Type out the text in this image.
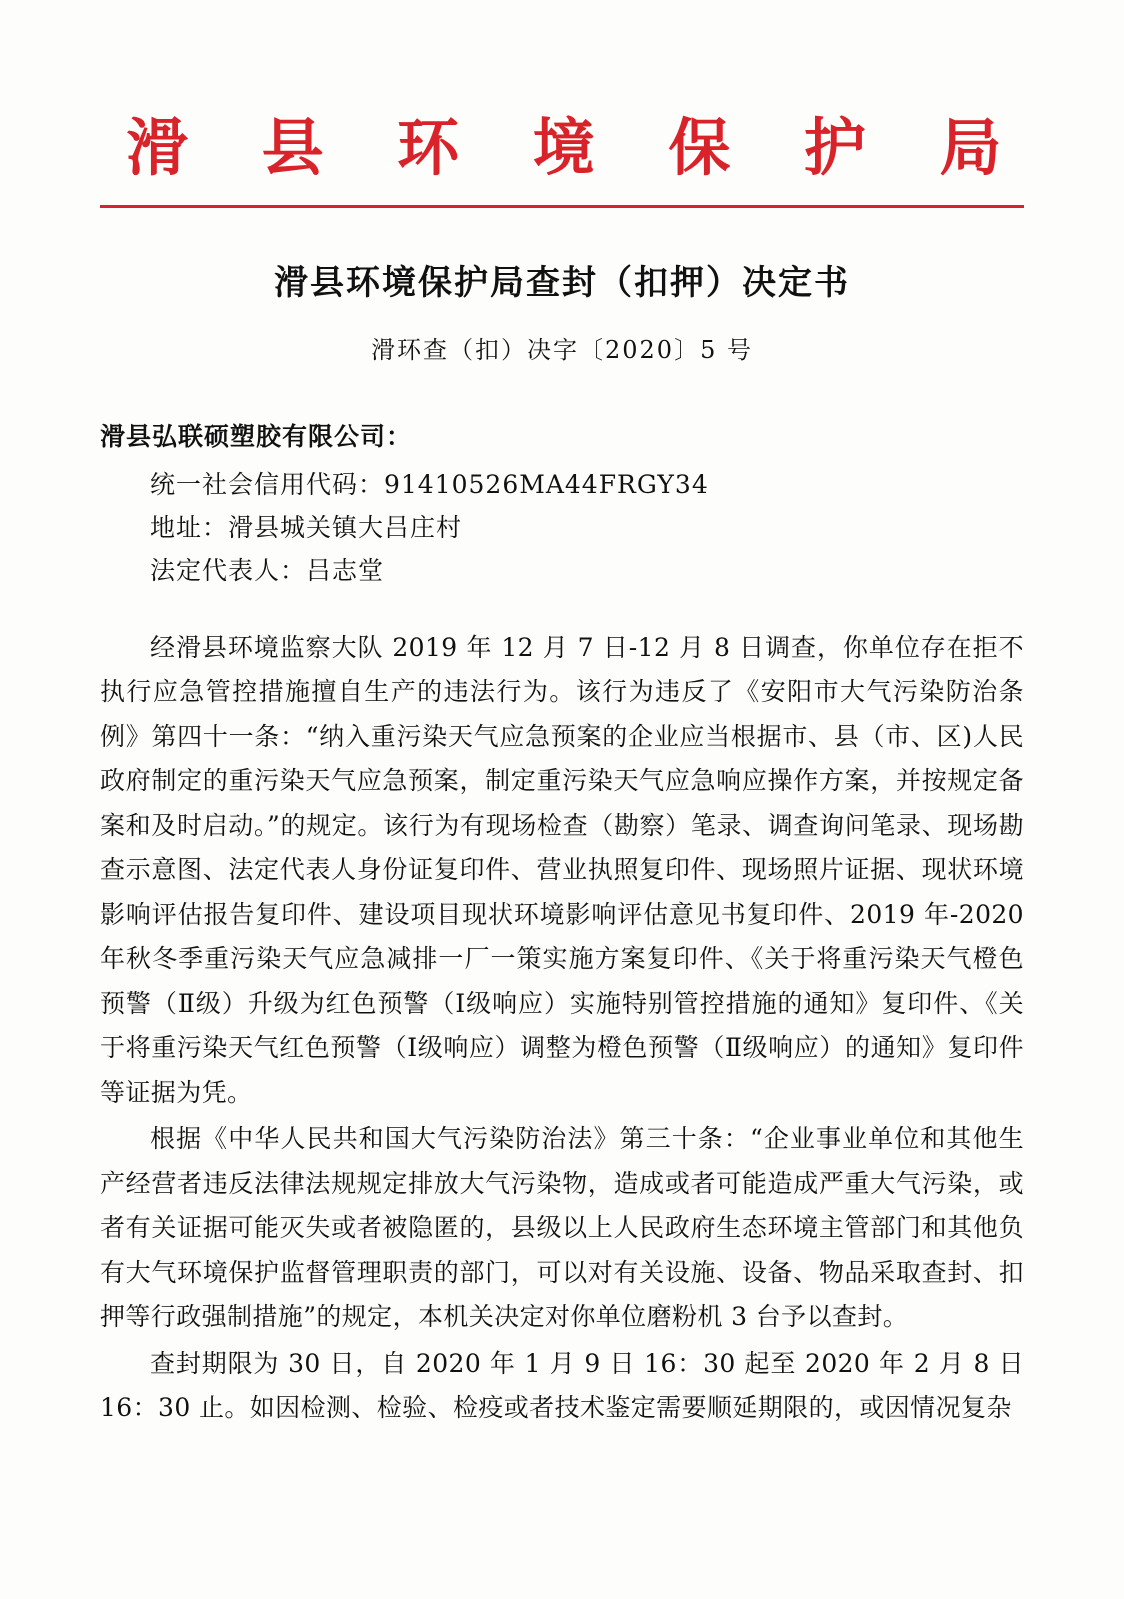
滑 县 环 境 保 护 局
滑县环境保护局查封（扣押）决定书
滑环查（扣）决字〔2020〕5 号
滑县弘联硕塑胶有限公司：
统一社会信用代码：91410526MA44FRGY34
地址：滑县城关镇大吕庄村
法定代表人：吕志堂

经滑县环境监察大队 2019 年 12 月 7 日-12 月 8 日调查，你单位存在拒不执行应急管控措施擅自生产的违法行为。该行为违反了《安阳市大气污染防治条例》第四十一条：“纳入重污染天气应急预案的企业应当根据市、县（市、区)人民政府制定的重污染天气应急预案，制定重污染天气应急响应操作方案，并按规定备案和及时启动。”的规定。该行为有现场检查（勘察）笔录、调查询问笔录、现场勘查示意图、法定代表人身份证复印件、营业执照复印件、现场照片证据、现状环境影响评估报告复印件、建设项目现状环境影响评估意见书复印件、2019 年-2020 年秋冬季重污染天气应急减排一厂一策实施方案复印件、《关于将重污染天气橙色预警（Ⅱ级）升级为红色预警（Ⅰ级响应）实施特别管控措施的通知》复印件、《关于将重污染天气红色预警（Ⅰ级响应）调整为橙色预警（Ⅱ级响应）的通知》复印件等证据为凭。

根据《中华人民共和国大气污染防治法》第三十条：“企业事业单位和其他生产经营者违反法律法规规定排放大气污染物，造成或者可能造成严重大气污染，或者有关证据可能灭失或者被隐匿的，县级以上人民政府生态环境主管部门和其他负有大气环境保护监督管理职责的部门，可以对有关设施、设备、物品采取查封、扣押等行政强制措施”的规定，本机关决定对你单位磨粉机 3 台予以查封。

查封期限为 30 日，自 2020 年 1 月 9 日 16：30 起至 2020 年 2 月 8 日 16：30 止。如因检测、检验、检疫或者技术鉴定需要顺延期限的，或因情况复杂
